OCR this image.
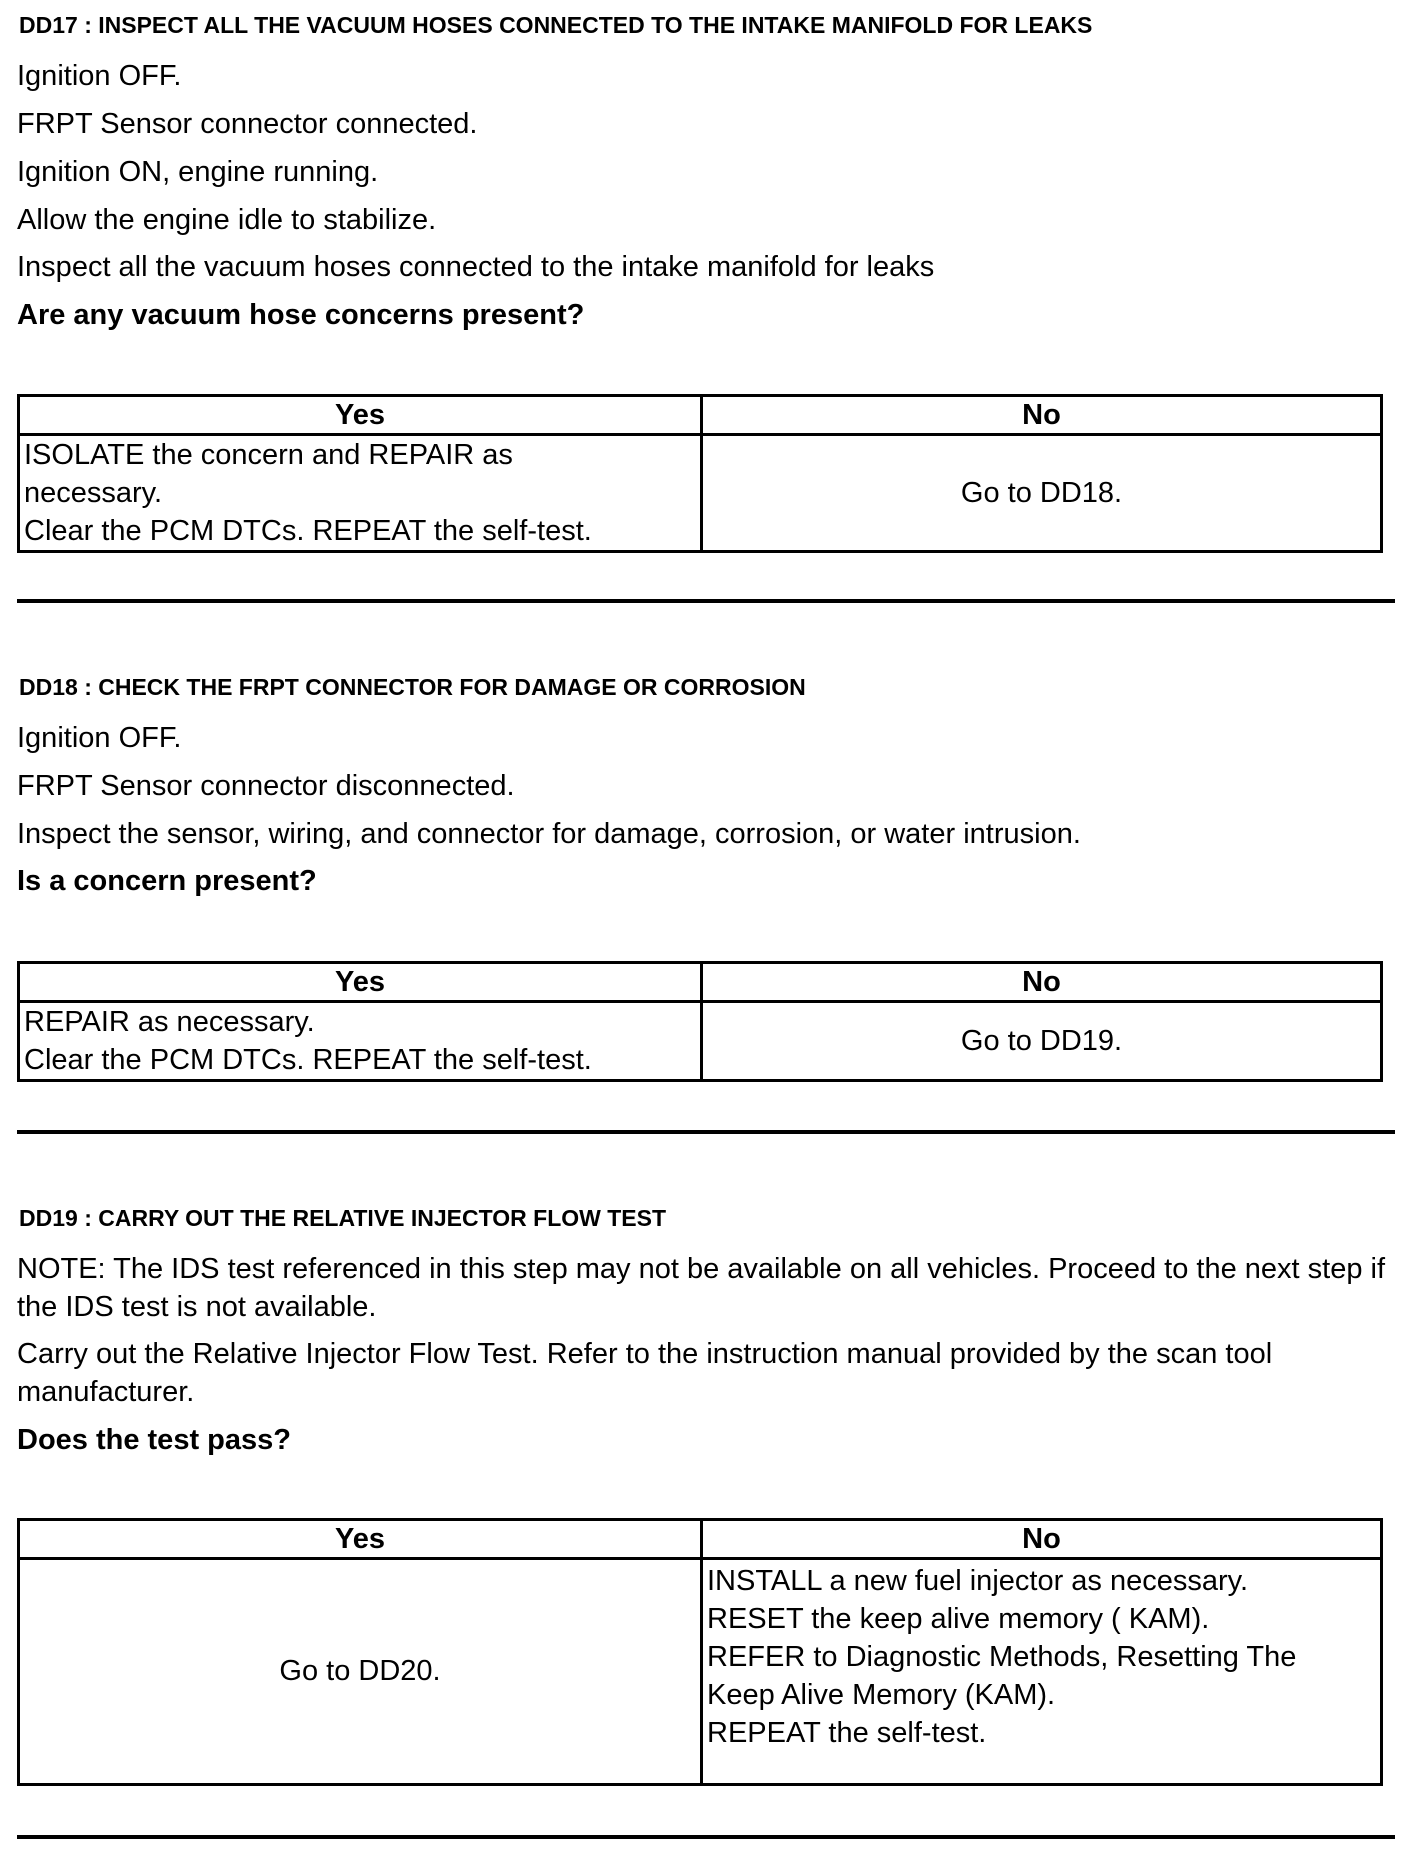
DD17 : INSPECT ALL THE VACUUM HOSES CONNECTED TO THE INTAKE MANIFOLD FOR LEAKS
Ignition OFF.
FRPT Sensor connector connected.
Ignition ON, engine running.
Allow the engine idle to stabilize.
Inspect all the vacuum hoses connected to the intake manifold for leaks
Are any vacuum hose concerns present?
Yes	No

ISOLATE the concern and REPAIR as
necessary.
Clear the PCM DTCs. REPEAT the self-test.	Go to DD18.
DD18 : CHECK THE FRPT CONNECTOR FOR DAMAGE OR CORROSION
Ignition OFF.
FRPT Sensor connector disconnected.
Inspect the sensor, wiring, and connector for damage, corrosion, or water intrusion.
Is a concern present?
Yes	No

REPAIR as necessary.
Clear the PCM DTCs. REPEAT the self-test.	Go to DD19.
DD19 : CARRY OUT THE RELATIVE INJECTOR FLOW TEST
NOTE: The IDS test referenced in this step may not be available on all vehicles. Proceed to the next step if the IDS test is not available.
Carry out the Relative Injector Flow Test. Refer to the instruction manual provided by the scan tool manufacturer.
Does the test pass?
Yes	No

Go to DD20.	INSTALL a new fuel injector as necessary.
RESET the keep alive memory ( KAM).
REFER to Diagnostic Methods, Resetting The
Keep Alive Memory (KAM).
REPEAT the self-test.
